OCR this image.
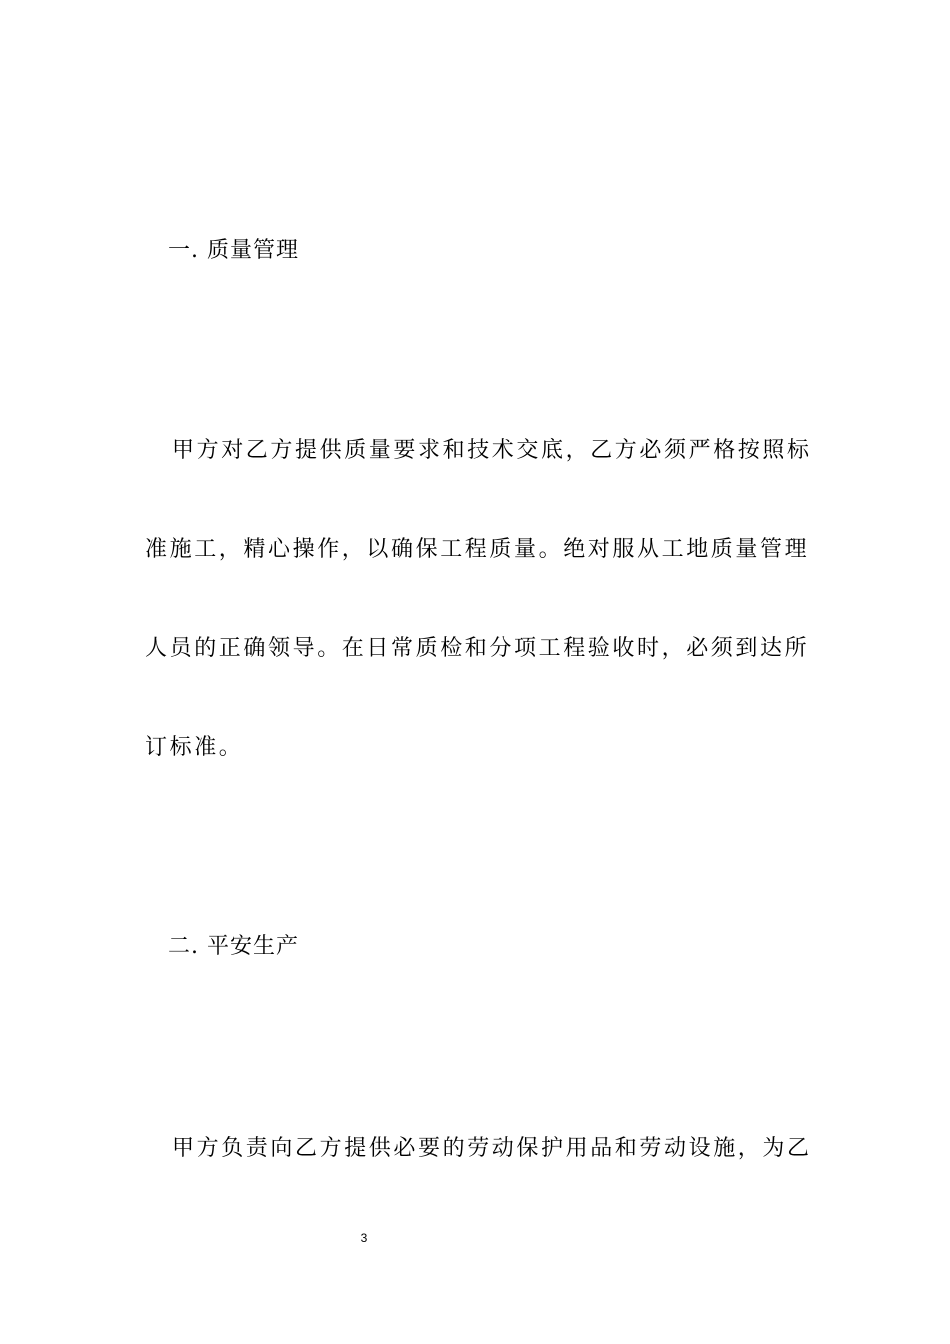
一. 质量管理
甲方对乙方提供质量要求和技术交底，乙方必须严格按照标
准施工，精心操作，以确保工程质量。绝对服从工地质量管理
人员的正确领导。在日常质检和分项工程验收时，必须到达所
订标准。
二. 平安生产
甲方负责向乙方提供必要的劳动保护用品和劳动设施，为乙
3
